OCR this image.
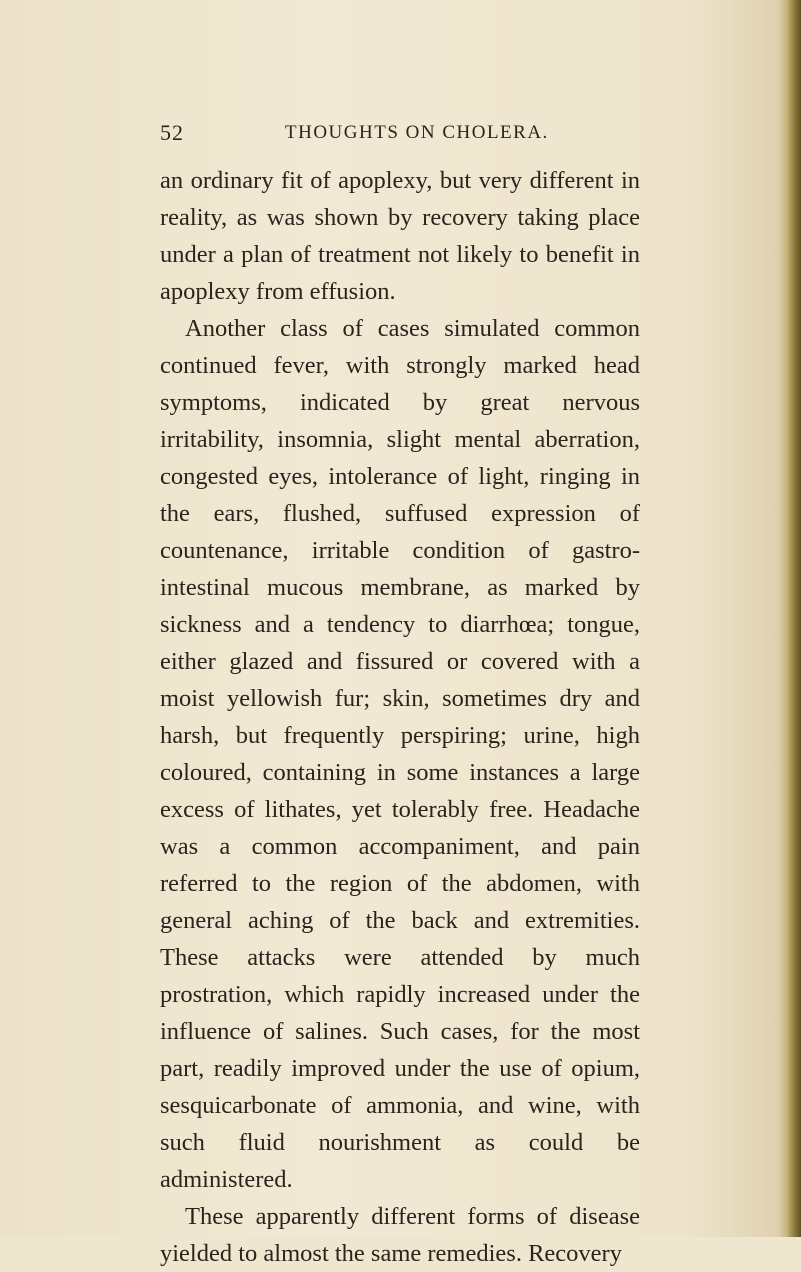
52	THOUGHTS ON CHOLERA.

an ordinary fit of apoplexy, but very different in reality, as was shown by recovery taking place under a plan of treatment not likely to benefit in apoplexy from effusion.

Another class of cases simulated common continued fever, with strongly marked head symptoms, indicated by great nervous irritability, insomnia, slight mental aberration, congested eyes, intolerance of light, ringing in the ears, flushed, suffused expression of countenance, irritable condition of gastro-intestinal mucous membrane, as marked by sickness and a tendency to diarrhœa; tongue, either glazed and fissured or covered with a moist yellowish fur; skin, sometimes dry and harsh, but frequently perspiring; urine, high coloured, containing in some instances a large excess of lithates, yet tolerably free. Headache was a common accompaniment, and pain referred to the region of the abdomen, with general aching of the back and extremities. These attacks were attended by much prostration, which rapidly increased under the influence of salines. Such cases, for the most part, readily improved under the use of opium, sesquicarbonate of ammonia, and wine, with such fluid nourishment as could be administered.

These apparently different forms of disease yielded to almost the same remedies. Recovery
